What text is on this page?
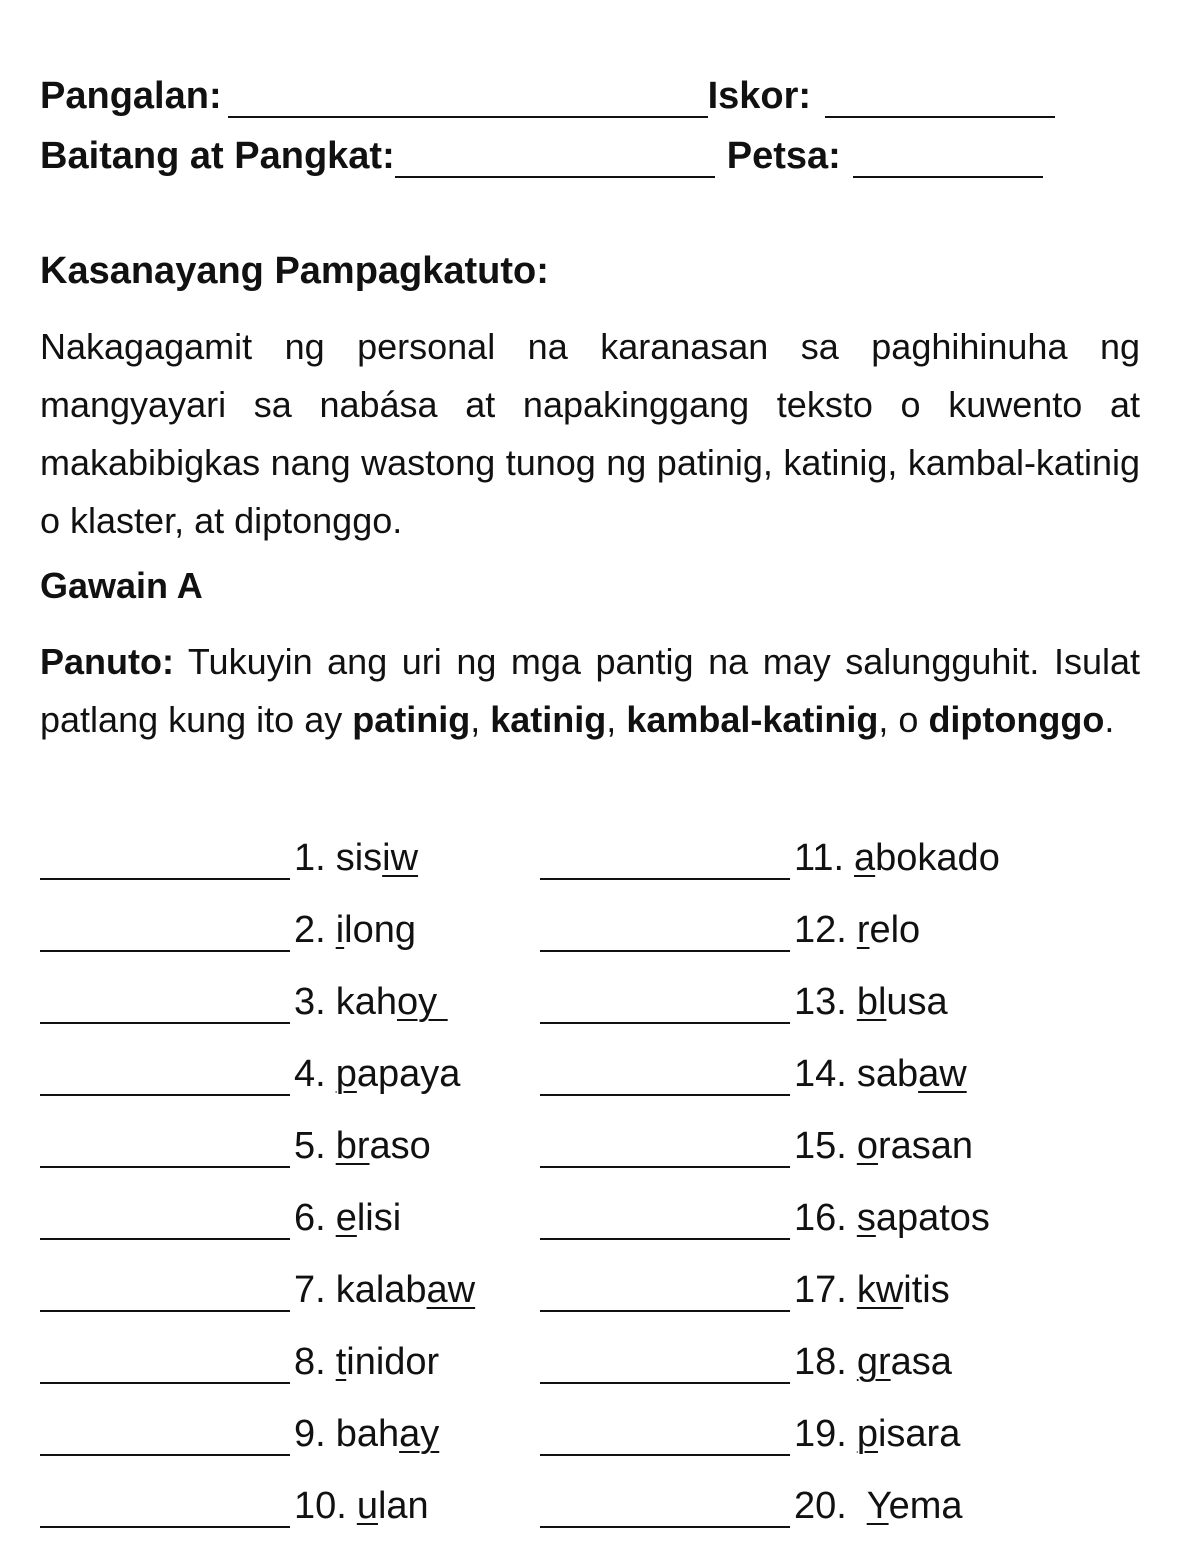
Pangalan:	Iskor:
Baitang at Pangkat:	Petsa:
Kasanayang Pampagkatuto:
Nakagagamit ng personal na karanasan sa paghihinuha ng mangyayari sa nabása at napakinggang teksto o kuwento at makabibigkas nang wastong tunog ng patinig, katinig, kambal-katinig o klaster, at diptonggo.
Gawain A
Panuto: Tukuyin ang uri ng mga pantig na may salungguhit. Isulat patlang kung ito ay patinig, katinig, kambal-katinig, o diptonggo.
1. sisiw
2. ilong
3. kahoy
4. papaya
5. braso
6. elisi
7. kalabaw
8. tinidor
9. bahay
10. ulan
11. abokado
12. relo
13. blusa
14. sabaw
15. orasan
16. sapatos
17. kwitis
18. grasa
19. pisara
20. Yema
